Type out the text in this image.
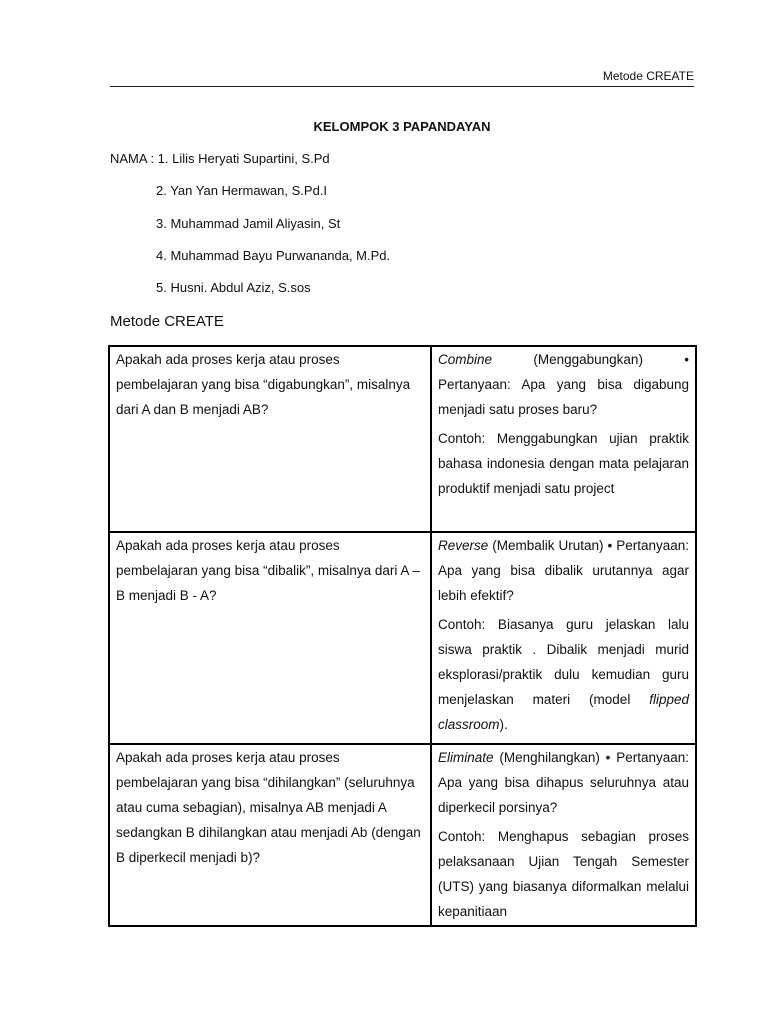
Metode CREATE
KELOMPOK 3 PAPANDAYAN
NAMA : 1. Lilis Heryati Supartini, S.Pd
2. Yan Yan Hermawan, S.Pd.I
3. Muhammad Jamil Aliyasin, St
4. Muhammad Bayu Purwananda, M.Pd.
5. Husni. Abdul Aziz, S.sos
Metode CREATE
Apakah ada proses kerja atau proses pembelajaran yang bisa “digabungkan”, misalnya dari A dan B menjadi AB?	Combine (Menggabungkan) • Pertanyaan: Apa yang bisa digabung menjadi satu proses baru?

Contoh: Menggabungkan ujian praktik bahasa indonesia dengan mata pelajaran produktif menjadi satu project

Apakah ada proses kerja atau proses pembelajaran yang bisa “dibalik”, misalnya dari A – B menjadi B - A?	Reverse (Membalik Urutan) • Pertanyaan: Apa yang bisa dibalik urutannya agar lebih efektif?

Contoh: Biasanya guru jelaskan lalu siswa praktik . Dibalik menjadi murid eksplorasi/praktik dulu kemudian guru menjelaskan materi (model flipped classroom).

Apakah ada proses kerja atau proses pembelajaran yang bisa “dihilangkan” (seluruhnya atau cuma sebagian), misalnya AB menjadi A sedangkan B dihilangkan atau menjadi Ab (dengan B diperkecil menjadi b)?	Eliminate (Menghilangkan) • Pertanyaan: Apa yang bisa dihapus seluruhnya atau diperkecil porsinya?

Contoh: Menghapus sebagian proses pelaksanaan Ujian Tengah Semester (UTS) yang biasanya diformalkan melalui kepanitiaan
